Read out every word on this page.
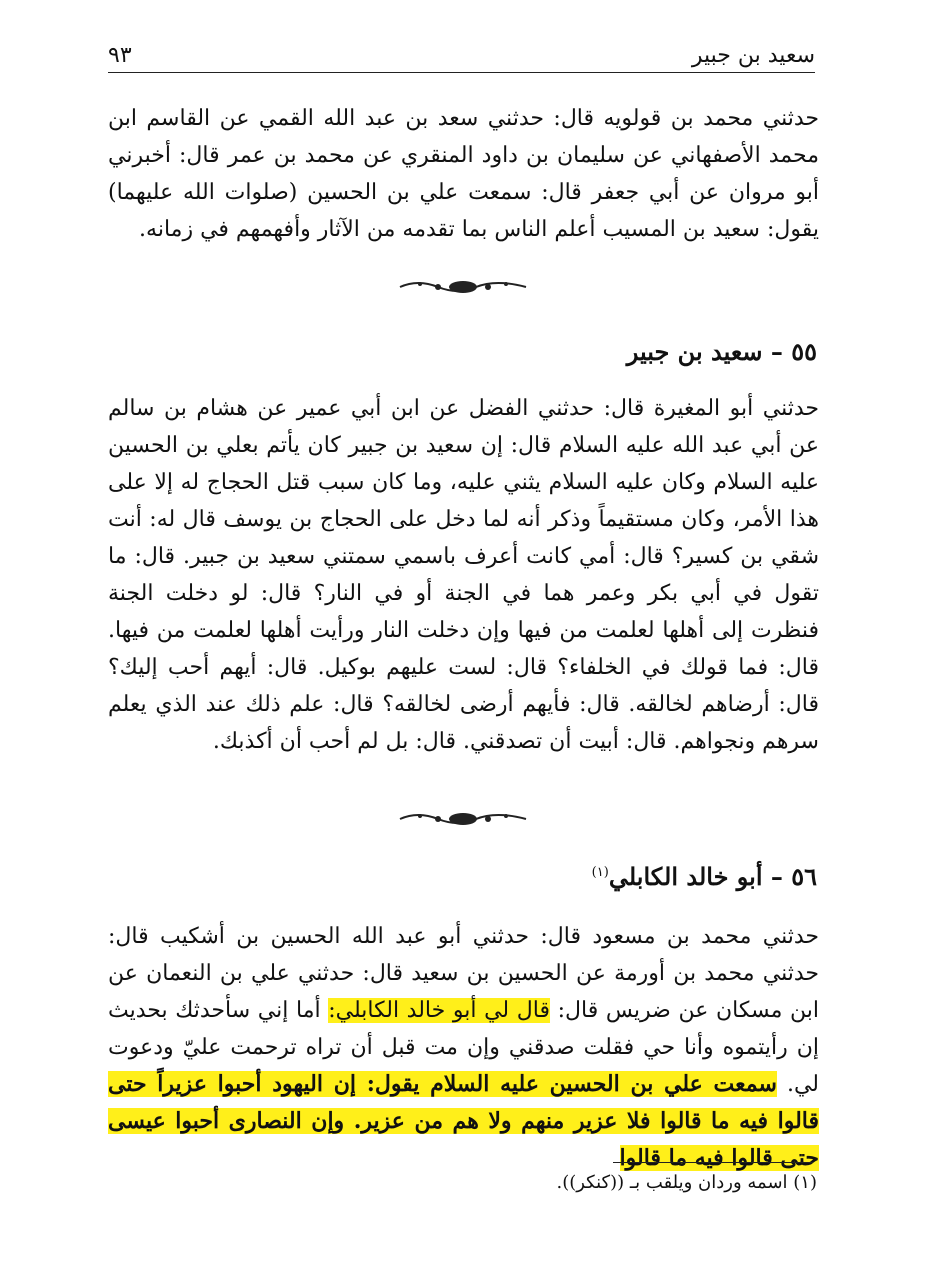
٩٣	سعيد بن جبير

حدثني محمد بن قولويه قال: حدثني سعد بن عبد الله القمي عن القاسم ابن محمد الأصفهاني عن سليمان بن داود المنقري عن محمد بن عمر قال: أخبرني أبو مروان عن أبي جعفر قال: سمعت علي بن الحسين (صلوات الله عليهما) يقول: سعيد بن المسيب أعلم الناس بما تقدمه من الآثار وأفهمهم في زمانه.

٥٥ – سعيد بن جبير

حدثني أبو المغيرة قال: حدثني الفضل عن ابن أبي عمير عن هشام بن سالم عن أبي عبد الله عليه السلام قال: إن سعيد بن جبير كان يأتم بعلي بن الحسين عليه السلام وكان عليه السلام يثني عليه، وما كان سبب قتل الحجاج له إلا على هذا الأمر، وكان مستقيماً وذكر أنه لما دخل على الحجاج بن يوسف قال له: أنت شقي بن كسير؟ قال: أمي كانت أعرف باسمي سمتني سعيد بن جبير. قال: ما تقول في أبي بكر وعمر هما في الجنة أو في النار؟ قال: لو دخلت الجنة فنظرت إلى أهلها لعلمت من فيها وإن دخلت النار ورأيت أهلها لعلمت من فيها. قال: فما قولك في الخلفاء؟ قال: لست عليهم بوكيل. قال: أيهم أحب إليك؟ قال: أرضاهم لخالقه. قال: فأيهم أرضى لخالقه؟ قال: علم ذلك عند الذي يعلم سرهم ونجواهم. قال: أبيت أن تصدقني. قال: بل لم أحب أن أكذبك.

٥٦ – أبو خالد الكابلي$^{(١)}$

حدثني محمد بن مسعود قال: حدثني أبو عبد الله الحسين بن أشكيب قال: حدثني محمد بن أورمة عن الحسين بن سعيد قال: حدثني علي بن النعمان عن ابن مسكان عن ضريس قال: قال لي أبو خالد الكابلي: أما إني سأحدثك بحديث إن رأيتموه وأنا حي فقلت صدقني وإن مت قبل أن تراه ترحمت عليّ ودعوت لي. سمعت علي بن الحسين عليه السلام يقول: إن اليهود أحبوا عزيراً حتى قالوا فيه ما قالوا فلا عزير منهم ولا هم من عزير. وإن النصارى أحبوا عيسى حتى قالوا فيه ما قالوا

(١) اسمه وردان ويلقب بـ ((كنكر)).
